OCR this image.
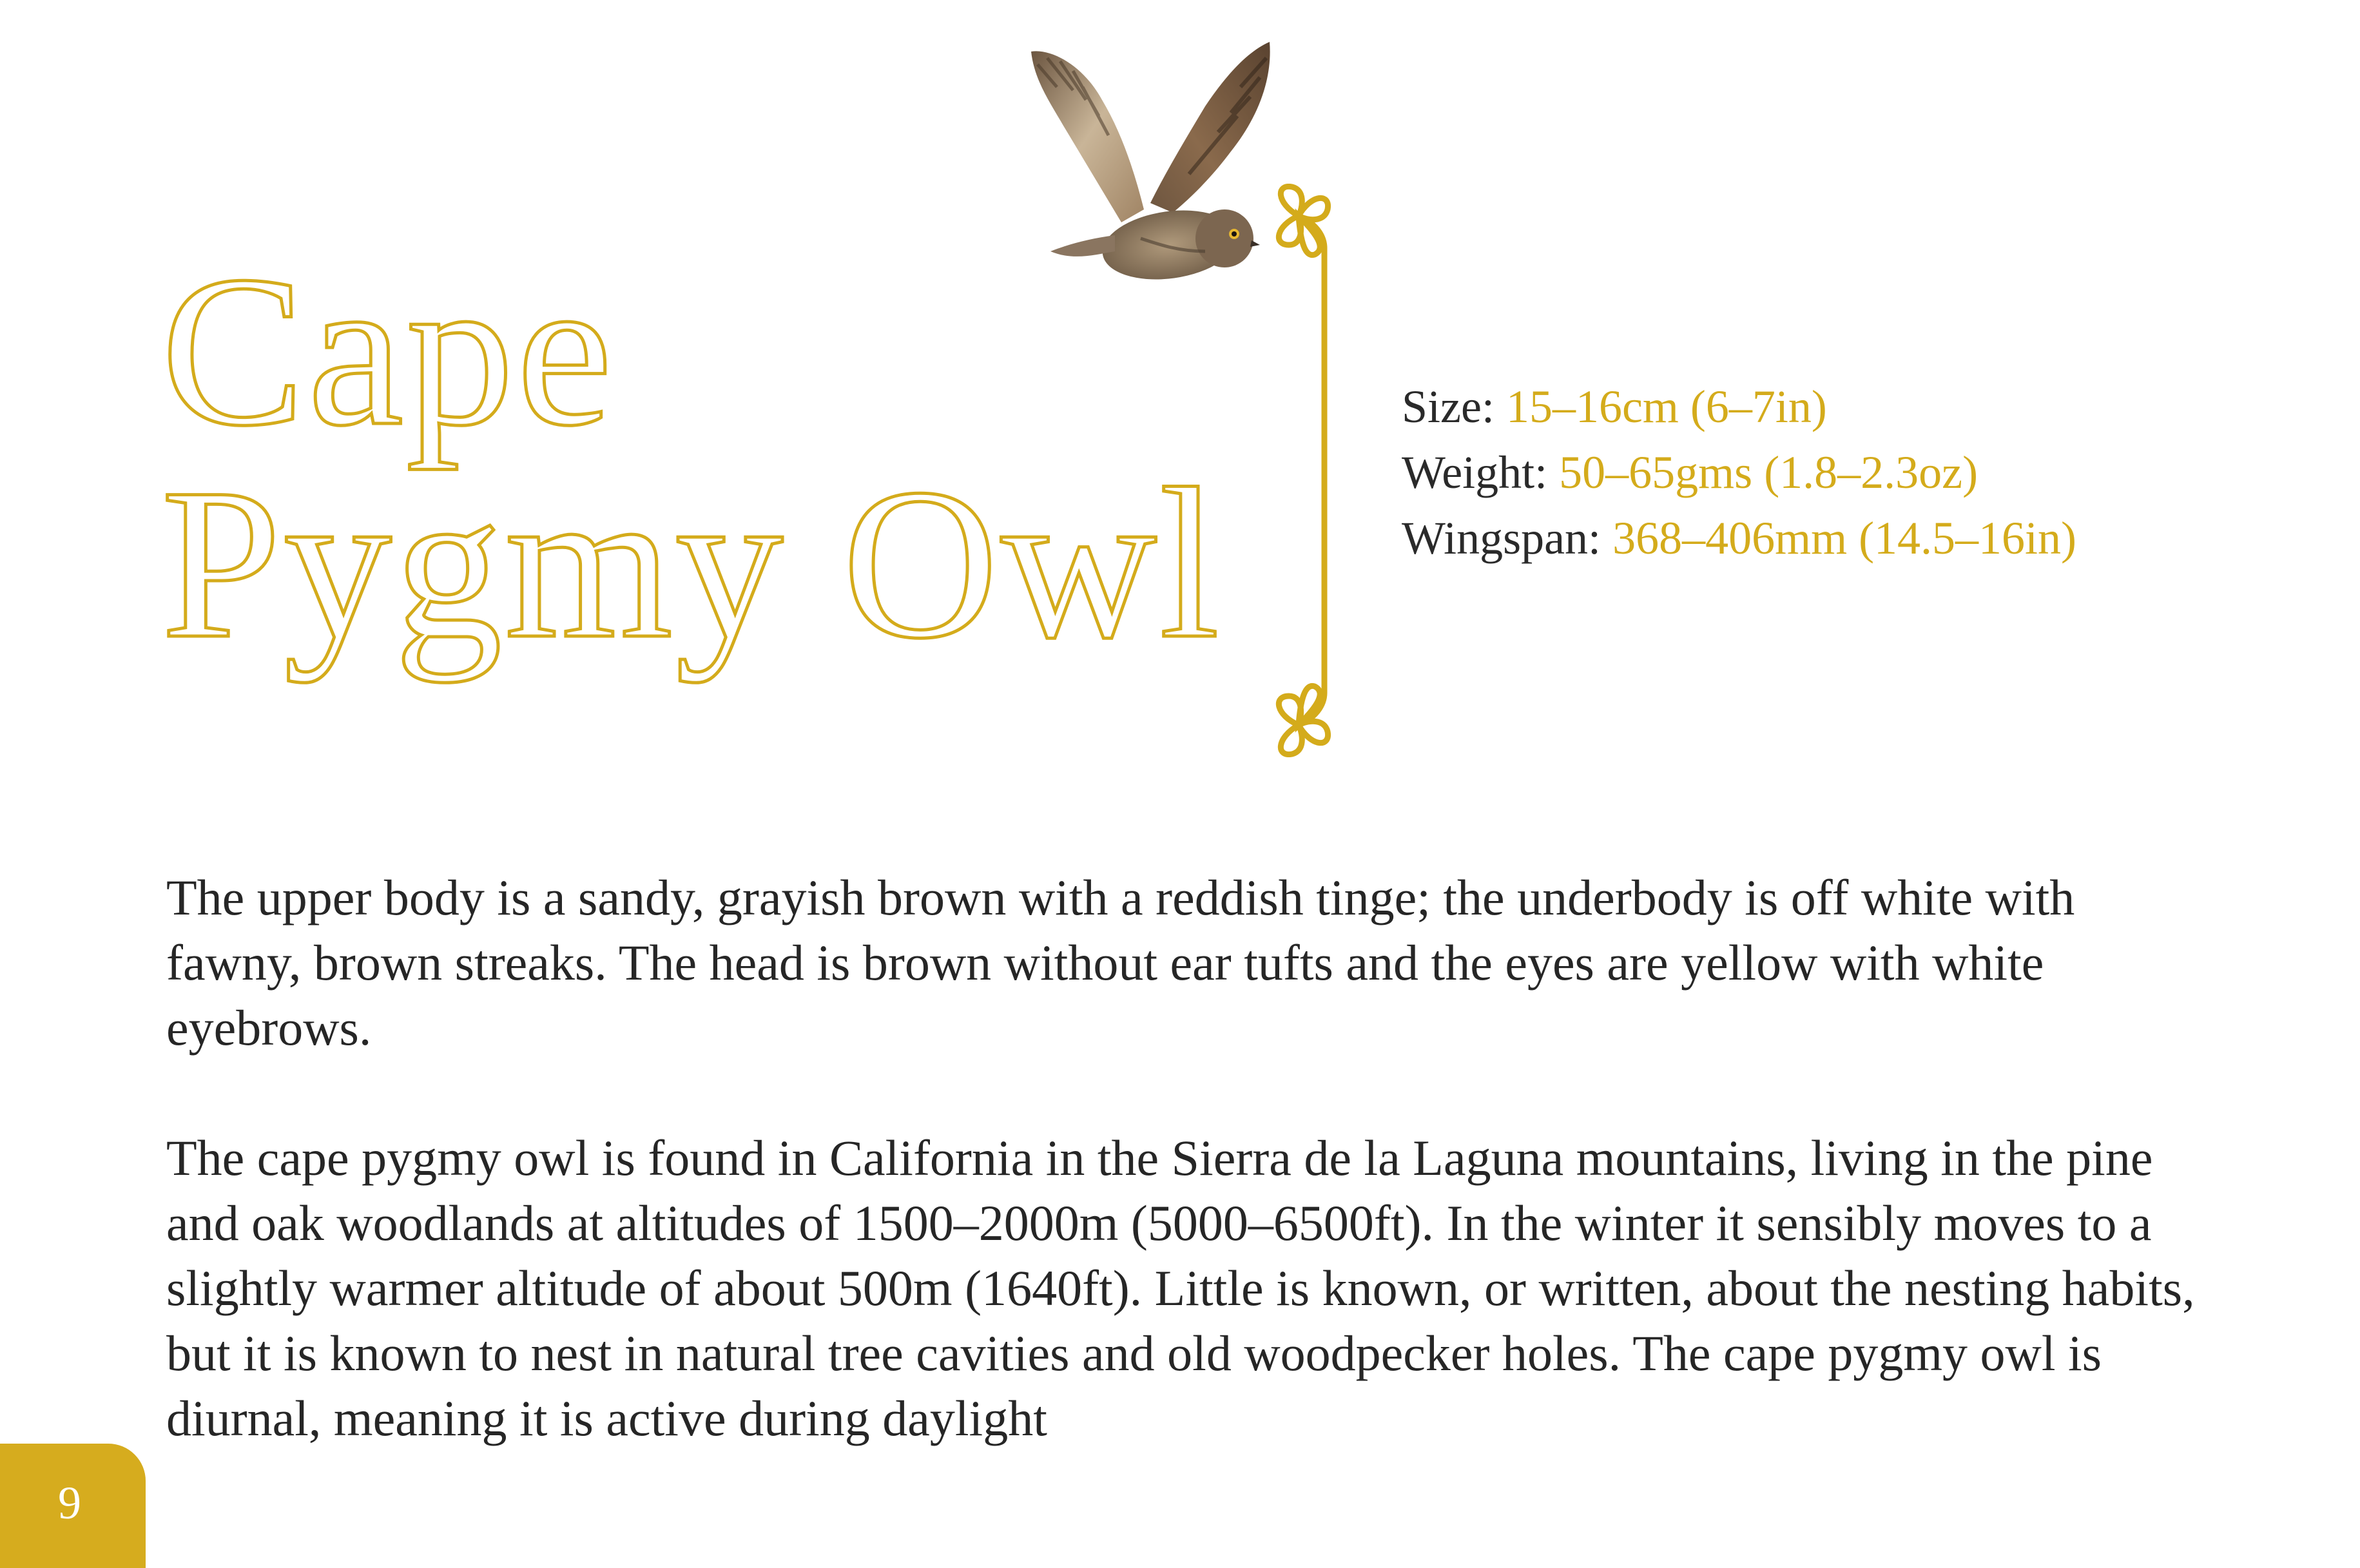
Cape
Pygmy Owl
Size: 15–16cm (6–7in)
Weight: 50–65gms (1.8–2.3oz)
Wingspan: 368–406mm (14.5–16in)

The upper body is a sandy, grayish brown with a reddish tinge; the underbody is off white with fawny, brown streaks. The head is brown without ear tufts and the eyes are yellow with white eyebrows.

The cape pygmy owl is found in California in the Sierra de la Laguna mountains, living in the pine and oak woodlands at altitudes of 1500–2000m (5000–6500ft). In the winter it sensibly moves to a slightly warmer altitude of about 500m (1640ft). Little is known, or written, about the nesting habits, but it is known to nest in natural tree cavities and old woodpecker holes. The cape pygmy owl is diurnal, meaning it is active during daylight

9
